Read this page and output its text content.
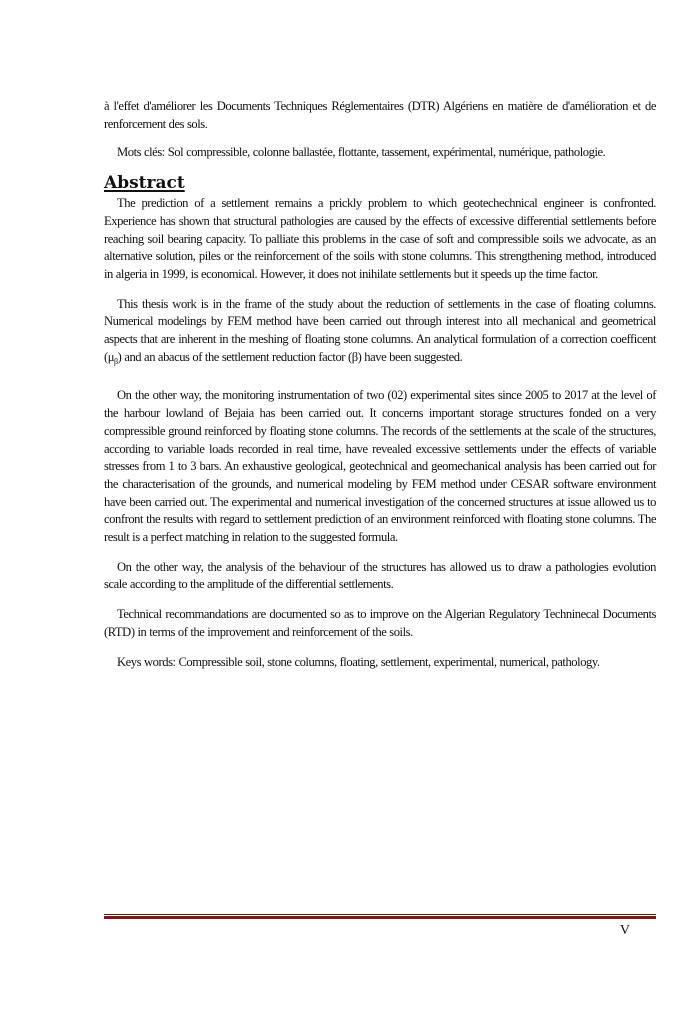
à l'effet d'améliorer les Documents Techniques Réglementaires (DTR) Algériens en matière de d'amélioration et de renforcement des sols.

Mots clés: Sol compressible, colonne ballastée, flottante, tassement, expérimental, numérique, pathologie.

Abstract

The prediction of a settlement remains a prickly problem to which geotechechnical engineer is confronted. Experience has shown that structural pathologies are caused by the effects of excessive differential settlements before reaching soil bearing capacity. To palliate this problems in the case of soft and compressible soils we advocate, as an alternative solution, piles or the reinforcement of the soils with stone columns. This strengthening method, introduced in algeria in 1999, is economical. However, it does not inihilate settlements but it speeds up the time factor.

This thesis work is in the frame of the study about the reduction of settlements in the case of floating columns. Numerical modelings by FEM method have been carried out through interest into all mechanical and geometrical aspects that are inherent in the meshing of floating stone columns. An analytical formulation of a correction coefficent $(\mu_\beta)$ and an abacus of the settlement reduction factor (β) have been suggested.

On the other way, the monitoring instrumentation of two (02) experimental sites since 2005 to 2017 at the level of the harbour lowland of Bejaia has been carried out. It concerns important storage structures fonded on a very compressible ground reinforced by floating stone columns. The records of the settlements at the scale of the structures, according to variable loads recorded in real time, have revealed excessive settlements under the effects of variable stresses from 1 to 3 bars. An exhaustive geological, geotechnical and geomechanical analysis has been carried out for the characterisation of the grounds, and numerical modeling by FEM method under CESAR software environment have been carried out. The experimental and numerical investigation of the concerned structures at issue allowed us to confront the results with regard to settlement prediction of an environment reinforced with floating stone columns. The result is a perfect matching in relation to the suggested formula.

On the other way, the analysis of the behaviour of the structures has allowed us to draw a pathologies evolution scale according to the amplitude of the differential settlements.

Technical recommandations are documented so as to improve on the Algerian Regulatory Techninecal Documents (RTD) in terms of the improvement and reinforcement of the soils.

Keys words: Compressible soil, stone columns, floating, settlement, experimental, numerical, pathology.

V
